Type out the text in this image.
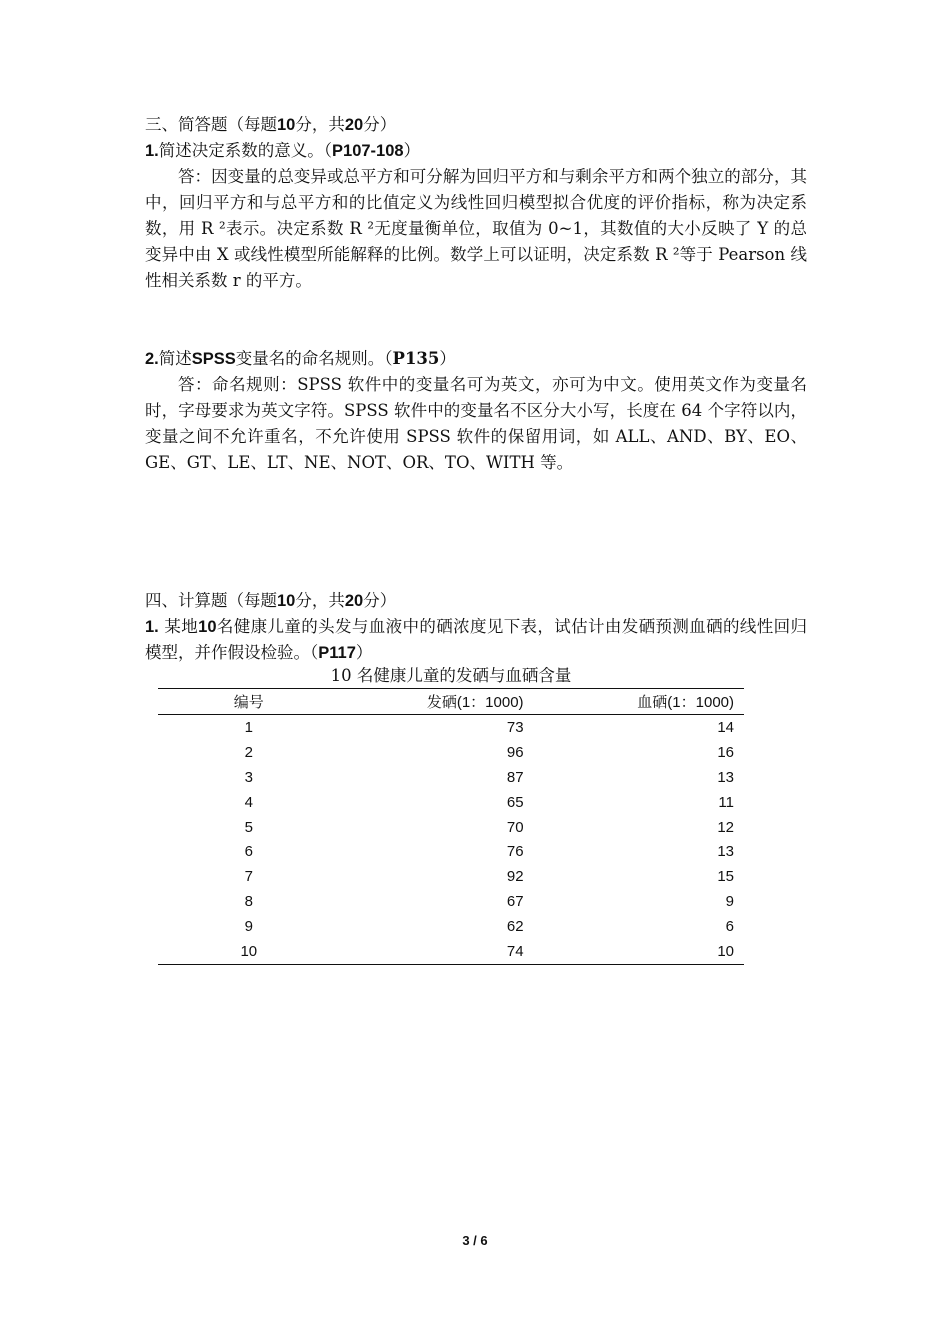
三、简答题（每题10分，共20分）
1.简述决定系数的意义。（P107-108）

答：因变量的总变异或总平方和可分解为回归平方和与剩余平方和两个独立的部分，其中，回归平方和与总平方和的比值定义为线性回归模型拟合优度的评价指标，称为决定系数，用 R ²表示。决定系数 R ²无度量衡单位，取值为 0~1，其数值的大小反映了 Y 的总变异中由 X 或线性模型所能解释的比例。数学上可以证明，决定系数 R ²等于 Pearson 线性相关系数 r 的平方。

2.简述SPSS变量名的命名规则。（P135）

答：命名规则：SPSS 软件中的变量名可为英文，亦可为中文。使用英文作为变量名时，字母要求为英文字符。SPSS 软件中的变量名不区分大小写，长度在 64 个字符以内，变量之间不允许重名，不允许使用 SPSS 软件的保留用词，如 ALL、AND、BY、EO、GE、GT、LE、LT、NE、NOT、OR、TO、WITH 等。

四、计算题（每题10分，共20分）

1. 某地10名健康儿童的头发与血液中的硒浓度见下表，试估计由发硒预测血硒的线性回归模型，并作假设检验。（P117）

10 名健康儿童的发硒与血硒含量
编号	发硒(1：1000)	血硒(1：1000)
1	73	14
2	96	16
3	87	13
4	65	11
5	70	12
6	76	13
7	92	15
8	67	9
9	62	6
10	74	10
3 / 6
